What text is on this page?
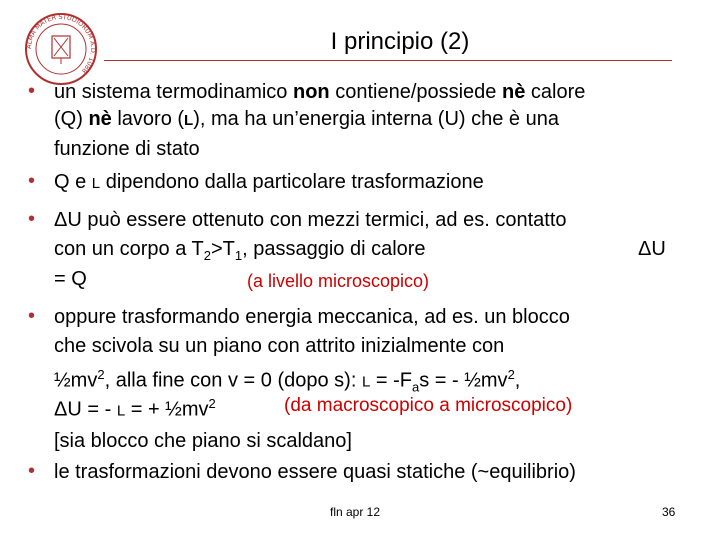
ALMA MATER STUDIORUM A.D. 1088
I principio (2)
• un sistema termodinamico non contiene/possiede nè calore
(Q) nè lavoro (L), ma ha un’energia interna (U) che è una
funzione di stato
• Q e L dipendono dalla particolare trasformazione
• ΔU può essere ottenuto con mezzi termici, ad es. contatto
con un corpo a $T_2>T_1$, passaggio di calore	ΔU
= Q	(a livello microscopico)
• oppure trasformando energia meccanica, ad es. un blocco
che scivola su un piano con attrito inizialmente con
$\frac{1}{2}mv^2$, alla fine con v = 0 (dopo s): $L = -F_as$ = - $\frac{1}{2}mv^2$,
ΔU = - L = + $\frac{1}{2}mv^2$	(da macroscopico a microscopico)
[sia blocco che piano si scaldano]
• le trasformazioni devono essere quasi statiche (~equilibrio)
fln apr 12	36
